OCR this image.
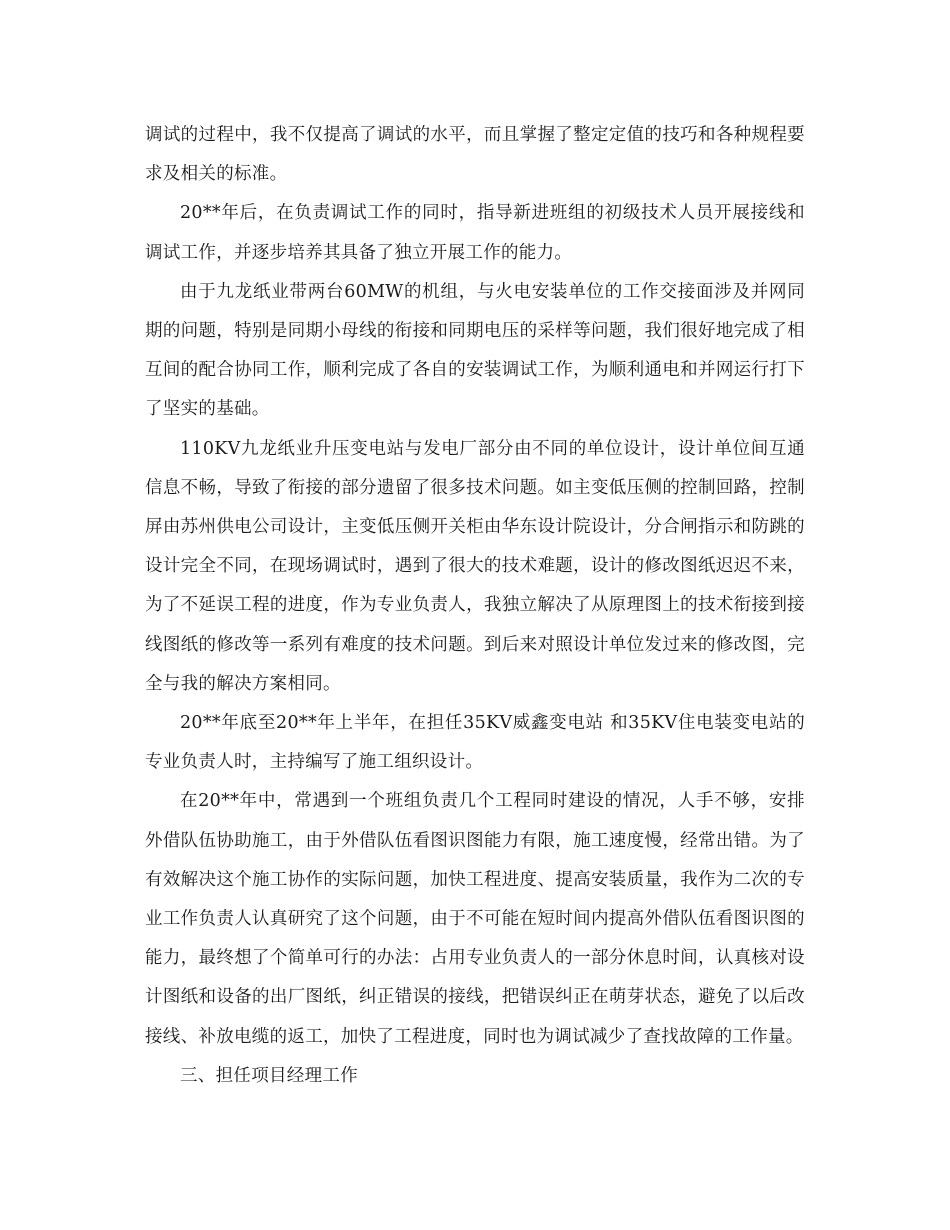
调试的过程中，我不仅提高了调试的水平，而且掌握了整定定值的技巧和各种规程要求及相关的标准。

20**年后，在负责调试工作的同时，指导新进班组的初级技术人员开展接线和调试工作，并逐步培养其具备了独立开展工作的能力。

由于九龙纸业带两台60MW的机组，与火电安装单位的工作交接面涉及并网同期的问题，特别是同期小母线的衔接和同期电压的采样等问题，我们很好地完成了相互间的配合协同工作，顺利完成了各自的安装调试工作，为顺利通电和并网运行打下了坚实的基础。

110KV九龙纸业升压变电站与发电厂部分由不同的单位设计，设计单位间互通信息不畅，导致了衔接的部分遗留了很多技术问题。如主变低压侧的控制回路，控制屏由苏州供电公司设计，主变低压侧开关柜由华东设计院设计，分合闸指示和防跳的设计完全不同，在现场调试时，遇到了很大的技术难题，设计的修改图纸迟迟不来，为了不延误工程的进度，作为专业负责人，我独立解决了从原理图上的技术衔接到接线图纸的修改等一系列有难度的技术问题。到后来对照设计单位发过来的修改图，完全与我的解决方案相同。

20**年底至20**年上半年，在担任35KV威鑫变电站 和35KV住电装变电站的专业负责人时，主持编写了施工组织设计。

在20**年中，常遇到一个班组负责几个工程同时建设的情况，人手不够，安排外借队伍协助施工，由于外借队伍看图识图能力有限，施工速度慢，经常出错。为了有效解决这个施工协作的实际问题，加快工程进度、提高安装质量，我作为二次的专业工作负责人认真研究了这个问题，由于不可能在短时间内提高外借队伍看图识图的能力，最终想了个简单可行的办法：占用专业负责人的一部分休息时间，认真核对设计图纸和设备的出厂图纸，纠正错误的接线，把错误纠正在萌芽状态，避免了以后改接线、补放电缆的返工，加快了工程进度，同时也为调试减少了查找故障的工作量。

三、担任项目经理工作
